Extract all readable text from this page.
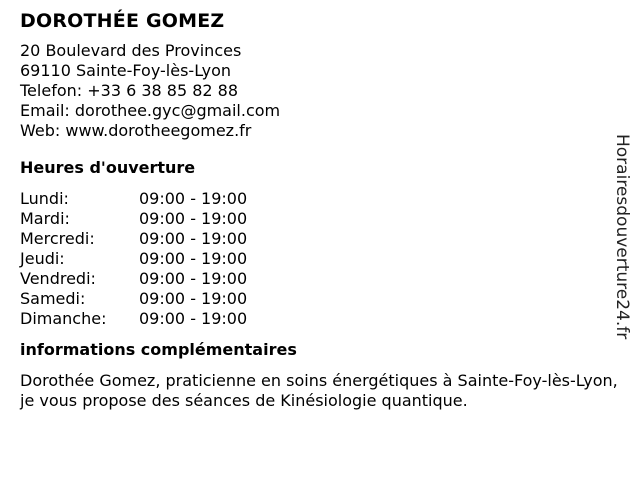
DOROTHÉE GOMEZ
20 Boulevard des Provinces
69110 Sainte-Foy-lès-Lyon
Telefon: +33 6 38 85 82 88
Email: dorothee.gyc@gmail.com
Web: www.dorotheegomez.fr
Heures d'ouverture
Lundi:	09:00 - 19:00
Mardi:	09:00 - 19:00
Mercredi:	09:00 - 19:00
Jeudi:	09:00 - 19:00
Vendredi:	09:00 - 19:00
Samedi:	09:00 - 19:00
Dimanche: 09:00 - 19:00
informations complémentaires
Dorothée Gomez, praticienne en soins énergétiques à Sainte-Foy-lès-Lyon, je vous propose des séances de Kinésiologie quantique.
Horairesdouverture24.fr
